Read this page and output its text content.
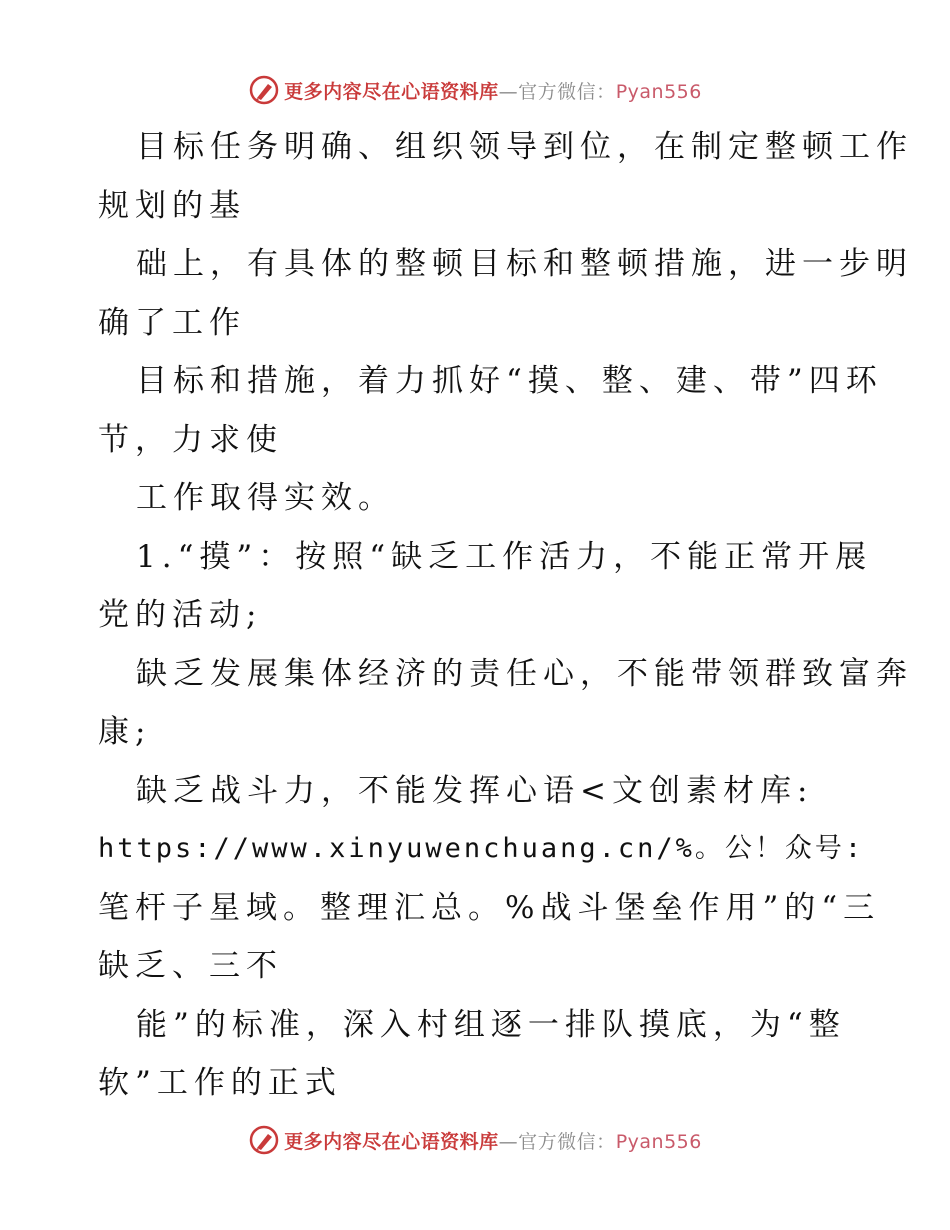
更多内容尽在心语资料库—官方微信：Pyan556
目标任务明确、组织领导到位，在制定整顿工作
规划的基
础上，有具体的整顿目标和整顿措施，进一步明
确了工作
目标和措施，着力抓好“摸、整、建、带”四环
节，力求使
工作取得实效。
1.“摸”：按照“缺乏工作活力，不能正常开展
党的活动;
缺乏发展集体经济的责任心，不能带领群致富奔
康;
缺乏战斗力，不能发挥心语<文创素材库:
https://www.xinyuwenchuang.cn/%。公！众号:
笔杆子星域。整理汇总。%战斗堡垒作用”的“三
缺乏、三不
能”的标准，深入村组逐一排队摸底，为“整
软”工作的正式
更多内容尽在心语资料库—官方微信：Pyan556
